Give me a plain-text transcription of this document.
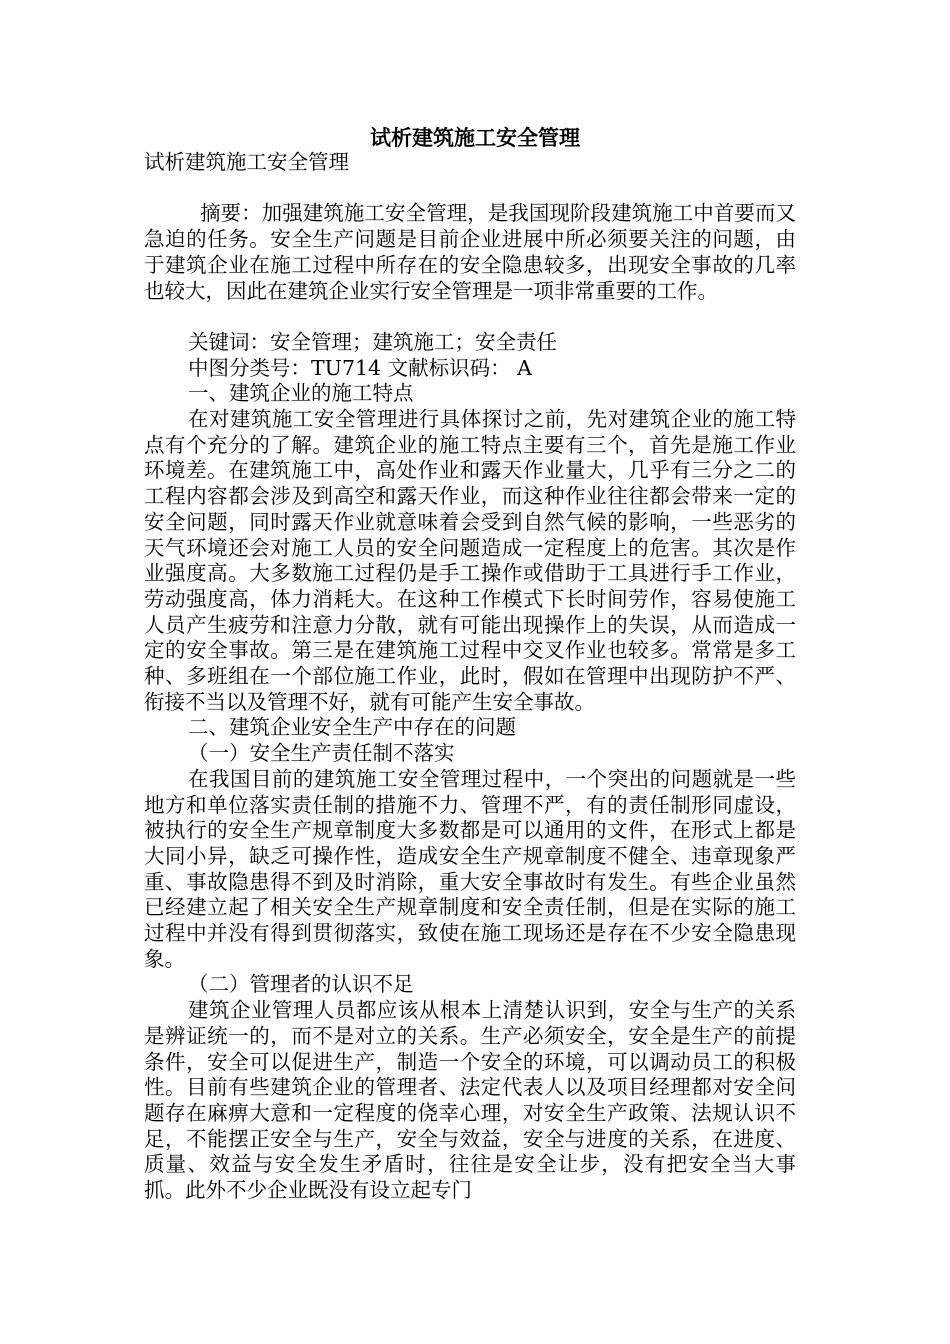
试析建筑施工安全管理

试析建筑施工安全管理

摘要：加强建筑施工安全管理，是我国现阶段建筑施工中首要而又急迫的任务。安全生产问题是目前企业进展中所必须要关注的问题，由于建筑企业在施工过程中所存在的安全隐患较多，出现安全事故的几率也较大，因此在建筑企业实行安全管理是一项非常重要的工作。

关键词：安全管理；建筑施工；安全责任

中图分类号：TU714 文献标识码： A

一、建筑企业的施工特点

在对建筑施工安全管理进行具体探讨之前，先对建筑企业的施工特点有个充分的了解。建筑企业的施工特点主要有三个，首先是施工作业环境差。在建筑施工中，高处作业和露天作业量大，几乎有三分之二的工程内容都会涉及到高空和露天作业，而这种作业往往都会带来一定的安全问题，同时露天作业就意味着会受到自然气候的影响，一些恶劣的天气环境还会对施工人员的安全问题造成一定程度上的危害。其次是作业强度高。大多数施工过程仍是手工操作或借助于工具进行手工作业，劳动强度高，体力消耗大。在这种工作模式下长时间劳作，容易使施工人员产生疲劳和注意力分散，就有可能出现操作上的失误，从而造成一定的安全事故。第三是在建筑施工过程中交叉作业也较多。常常是多工种、多班组在一个部位施工作业，此时，假如在管理中出现防护不严、衔接不当以及管理不好，就有可能产生安全事故。

二、建筑企业安全生产中存在的问题

（一）安全生产责任制不落实

在我国目前的建筑施工安全管理过程中，一个突出的问题就是一些地方和单位落实责任制的措施不力、管理不严，有的责任制形同虚设，被执行的安全生产规章制度大多数都是可以通用的文件，在形式上都是大同小异，缺乏可操作性，造成安全生产规章制度不健全、违章现象严重、事故隐患得不到及时消除，重大安全事故时有发生。有些企业虽然已经建立起了相关安全生产规章制度和安全责任制，但是在实际的施工过程中并没有得到贯彻落实，致使在施工现场还是存在不少安全隐患现象。

（二）管理者的认识不足

建筑企业管理人员都应该从根本上清楚认识到，安全与生产的关系是辨证统一的，而不是对立的关系。生产必须安全，安全是生产的前提条件，安全可以促进生产，制造一个安全的环境，可以调动员工的积极性。目前有些建筑企业的管理者、法定代表人以及项目经理都对安全问题存在麻痹大意和一定程度的侥幸心理，对安全生产政策、法规认识不足，不能摆正安全与生产，安全与效益，安全与进度的关系，在进度、质量、效益与安全发生矛盾时，往往是安全让步，没有把安全当大事抓。此外不少企业既没有设立起专门
